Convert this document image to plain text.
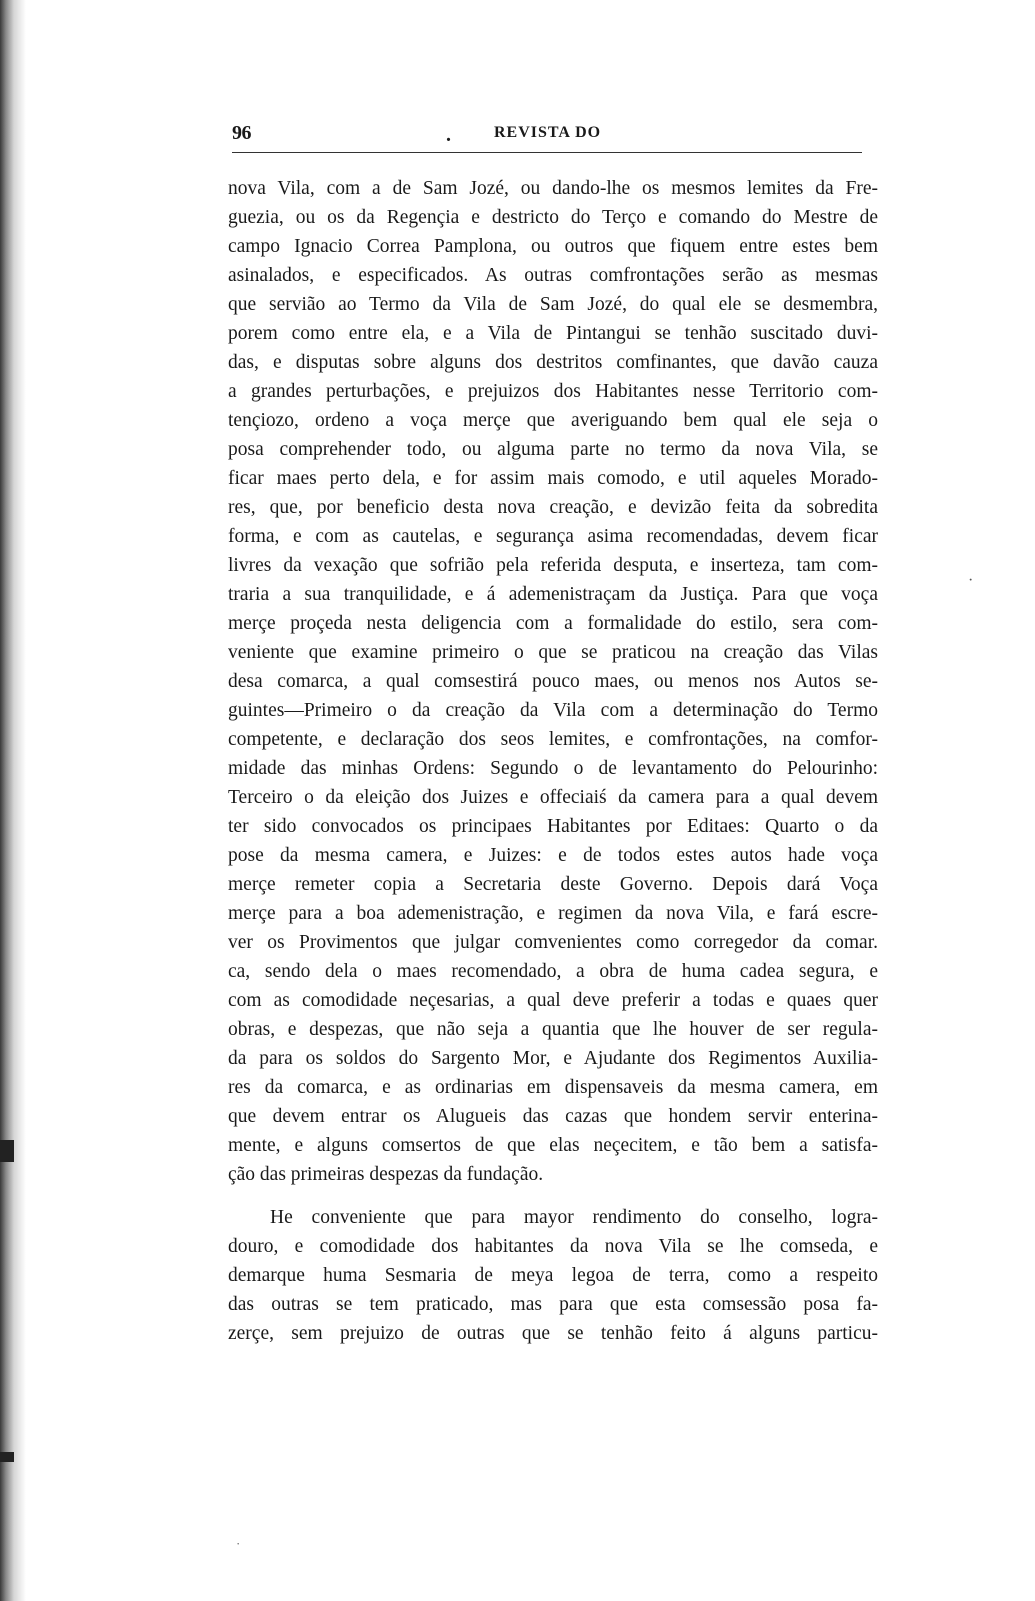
96	.	REVISTA DO
nova Vila, com a de Sam Jozé, ou dando-lhe os mesmos lemites da Fre-
guezia, ou os da Regençia e destricto do Terço e comando do Mestre de
campo Ignacio Correa Pamplona, ou outros que fiquem entre estes bem
asinalados, e especificados. As outras comfrontações serão as mesmas
que servião ao Termo da Vila de Sam Jozé, do qual ele se desmembra,
porem como entre ela, e a Vila de Pintangui se tenhão suscitado duvi-
das, e disputas sobre alguns dos destritos comfinantes, que davão cauza
a grandes perturbações, e prejuizos dos Habitantes nesse Territorio com-
tençiozo, ordeno a voça merçe que averiguando bem qual ele seja o
posa comprehender todo, ou alguma parte no termo da nova Vila, se
ficar maes perto dela, e for assim mais comodo, e util aqueles Morado-
res, que, por beneficio desta nova creação, e devizão feita da sobredita
forma, e com as cautelas, e segurança asima recomendadas, devem ficar
livres da vexação que sofrião pela referida desputa, e inserteza, tam com-
traria a sua tranquilidade, e á ademenistraçam da Justiça. Para que voça
merçe proçeda nesta deligencia com a formalidade do estilo, sera com-
veniente que examine primeiro o que se praticou na creação das Vilas
desa comarca, a qual comsestirá pouco maes, ou menos nos Autos se-
guintes—Primeiro o da creação da Vila com a determinação do Termo
competente, e declaração dos seos lemites, e comfrontações, na comfor-
midade das minhas Ordens: Segundo o de levantamento do Pelourinho:
Terceiro o da eleição dos Juizes e offeciaiś da camera para a qual devem
ter sido convocados os principaes Habitantes por Editaes: Quarto o da
pose da mesma camera, e Juizes: e de todos estes autos hade voça
merçe remeter copia a Secretaria deste Governo. Depois dará Voça
merçe para a boa ademenistração, e regimen da nova Vila, e fará escre-
ver os Provimentos que julgar comvenientes como corregedor da comar.
ca, sendo dela o maes recomendado, a obra de huma cadea segura, e
com as comodidade neçesarias, a qual deve preferir a todas e quaes quer
obras, e despezas, que não seja a quantia que lhe houver de ser regula-
da para os soldos do Sargento Mor, e Ajudante dos Regimentos Auxilia-
res da comarca, e as ordinarias em dispensaveis da mesma camera, em
que devem entrar os Alugueis das cazas que hondem servir enterina-
mente, e alguns comsertos de que elas neçecitem, e tão bem a satisfa-
ção das primeiras despezas da fundação.
He conveniente que para mayor rendimento do conselho, logra-
douro, e comodidade dos habitantes da nova Vila se lhe comseda, e
demarque huma Sesmaria de meya legoa de terra, como a respeito
das outras se tem praticado, mas para que esta comsessão posa fa-
zerçe, sem prejuizo de outras que se tenhão feito á alguns particu-
·
·
